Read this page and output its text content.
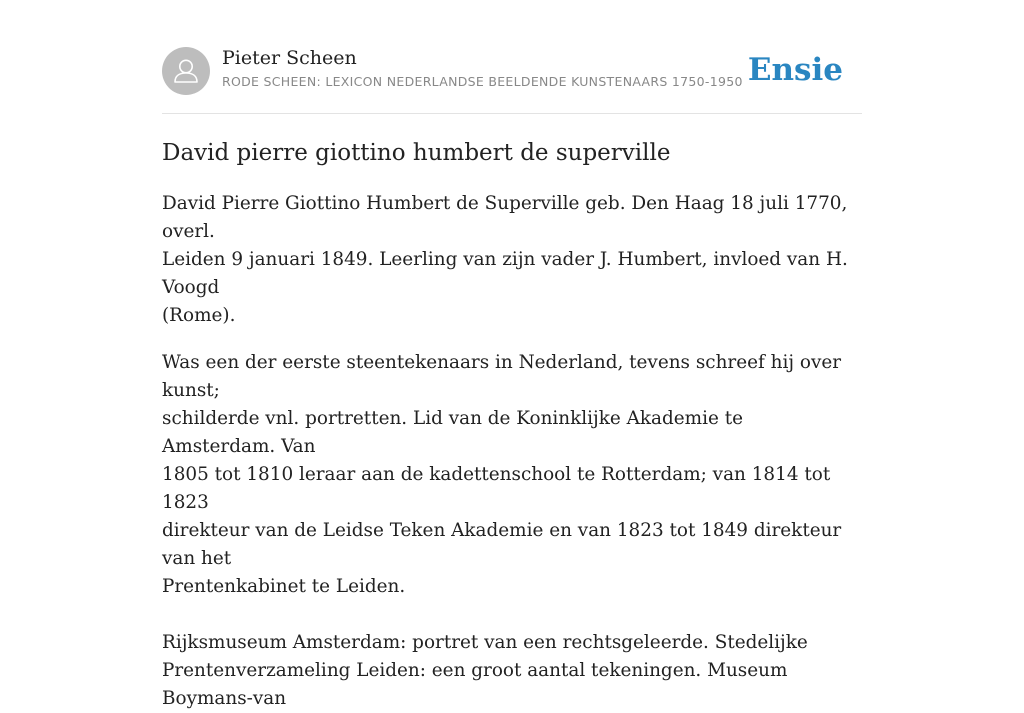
Pieter Scheen
RODE SCHEEN: LEXICON NEDERLANDSE BEELDENDE KUNSTENAARS 1750-1950 Ensie
David pierre giottino humbert de superville

David Pierre Giottino Humbert de Superville geb. Den Haag 18 juli 1770, overl.
Leiden 9 januari 1849. Leerling van zijn vader J. Humbert, invloed van H. Voogd
(Rome).

Was een der eerste steentekenaars in Nederland, tevens schreef hij over kunst;
schilderde vnl. portretten. Lid van de Koninklijke Akademie te Amsterdam. Van
1805 tot 1810 leraar aan de kadettenschool te Rotterdam; van 1814 tot 1823
direkteur van de Leidse Teken Akademie en van 1823 tot 1849 direkteur van het
Prentenkabinet te Leiden.

Rijksmuseum Amsterdam: portret van een rechtsgeleerde. Stedelijke
Prentenverzameling Leiden: een groot aantal tekeningen. Museum Boymans-van
